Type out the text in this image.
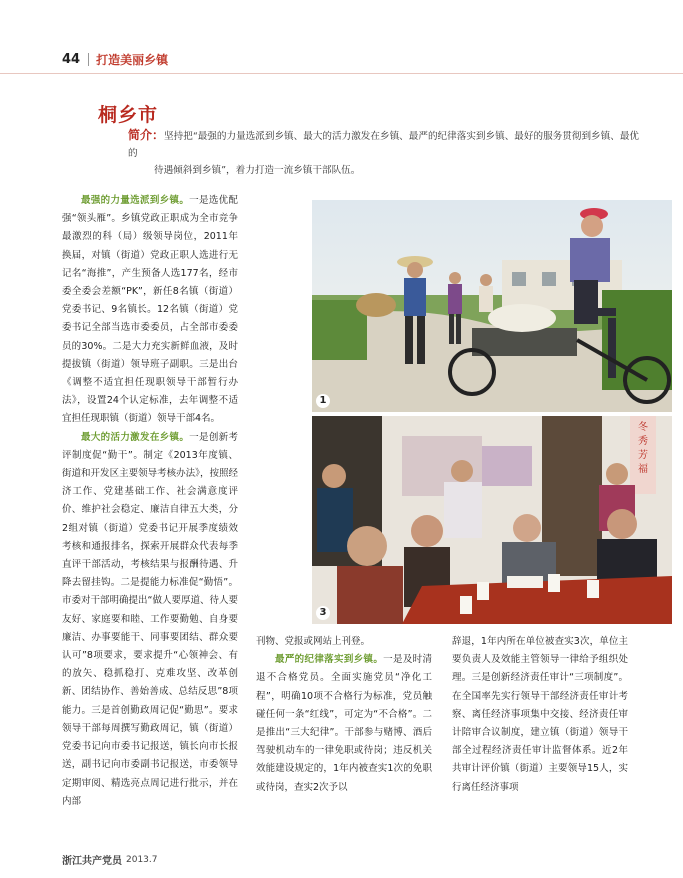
44 打造美丽乡镇
桐乡市

简介：坚持把“最强的力量选派到乡镇、最大的活力激发在乡镇、最严的纪律落实到乡镇、最好的服务贯彻到乡镇、最优的

待遇倾斜到乡镇”，着力打造一流乡镇干部队伍。

最强的力量选派到乡镇。一是选优配强“领头雁”。乡镇党政正职成为全市竞争最激烈的科（局）级领导岗位，2011年换届，对镇（街道）党政正职人选进行无记名“海推”，产生预备人选177名，经市委全委会差额“PK”，新任8名镇（街道）党委书记、9名镇长。12名镇（街道）党委书记全部当选市委委员，占全部市委委员的30%。二是大力充实新鲜血液，及时提拔镇（街道）领导班子副职。三是出台《调整不适宜担任现职领导干部暂行办法》，设置24个认定标准，去年调整不适宜担任现职镇（街道）领导干部4名。

最大的活力激发在乡镇。一是创新考评制度促“勤干”。制定《2013年度镇、街道和开发区主要领导考核办法》，按照经济工作、党建基础工作、社会满意度评价、维护社会稳定、廉洁自律五大类，分2组对镇（街道）党委书记开展季度绩效考核和通报排名，探索开展群众代表每季直评干部活动，考核结果与报酬待遇、升降去留挂钩。二是提能力标准促“勤悟”。市委对干部明确提出“做人要厚道、待人要友好、家庭要和睦、工作要勤勉、自身要廉洁、办事要能干、同事要团结、群众要认可”8项要求，要求提升“心领神会、有的放矢、稳抓稳打、克难攻坚、改革创新、团结协作、善始善成、总结反思”8项能力。三是首创勤政周记促“勤思”。要求领导干部每周撰写勤政周记，镇（街道）党委书记向市委书记报送，镇长向市长报送，副书记向市委副书记报送，市委领导定期审阅、精选亮点周记进行批示，并在内部

1
冬秀芳福
3

刊物、党报或网站上刊登。

最严的纪律落实到乡镇。一是及时清退不合格党员。全面实施党员“净化工程”，明确10项不合格行为标准，党员触碰任何一条“红线”，可定为“不合格”。二是推出“三大纪律”。干部参与赌博、酒后驾驶机动车的一律免职或待岗；违反机关效能建设规定的，1年内被查实1次的免职或待岗，查实2次予以

辞退，1年内所在单位被查实3次，单位主要负责人及效能主管领导一律给予组织处理。三是创新经济责任审计“三项制度”。在全国率先实行领导干部经济责任审计考察、离任经济事项集中交接、经济责任审计陪审合议制度，建立镇（街道）领导干部全过程经济责任审计监督体系。近2年共审计评价镇（街道）主要领导15人，实行离任经济事项

浙江共产党员 2013.7
